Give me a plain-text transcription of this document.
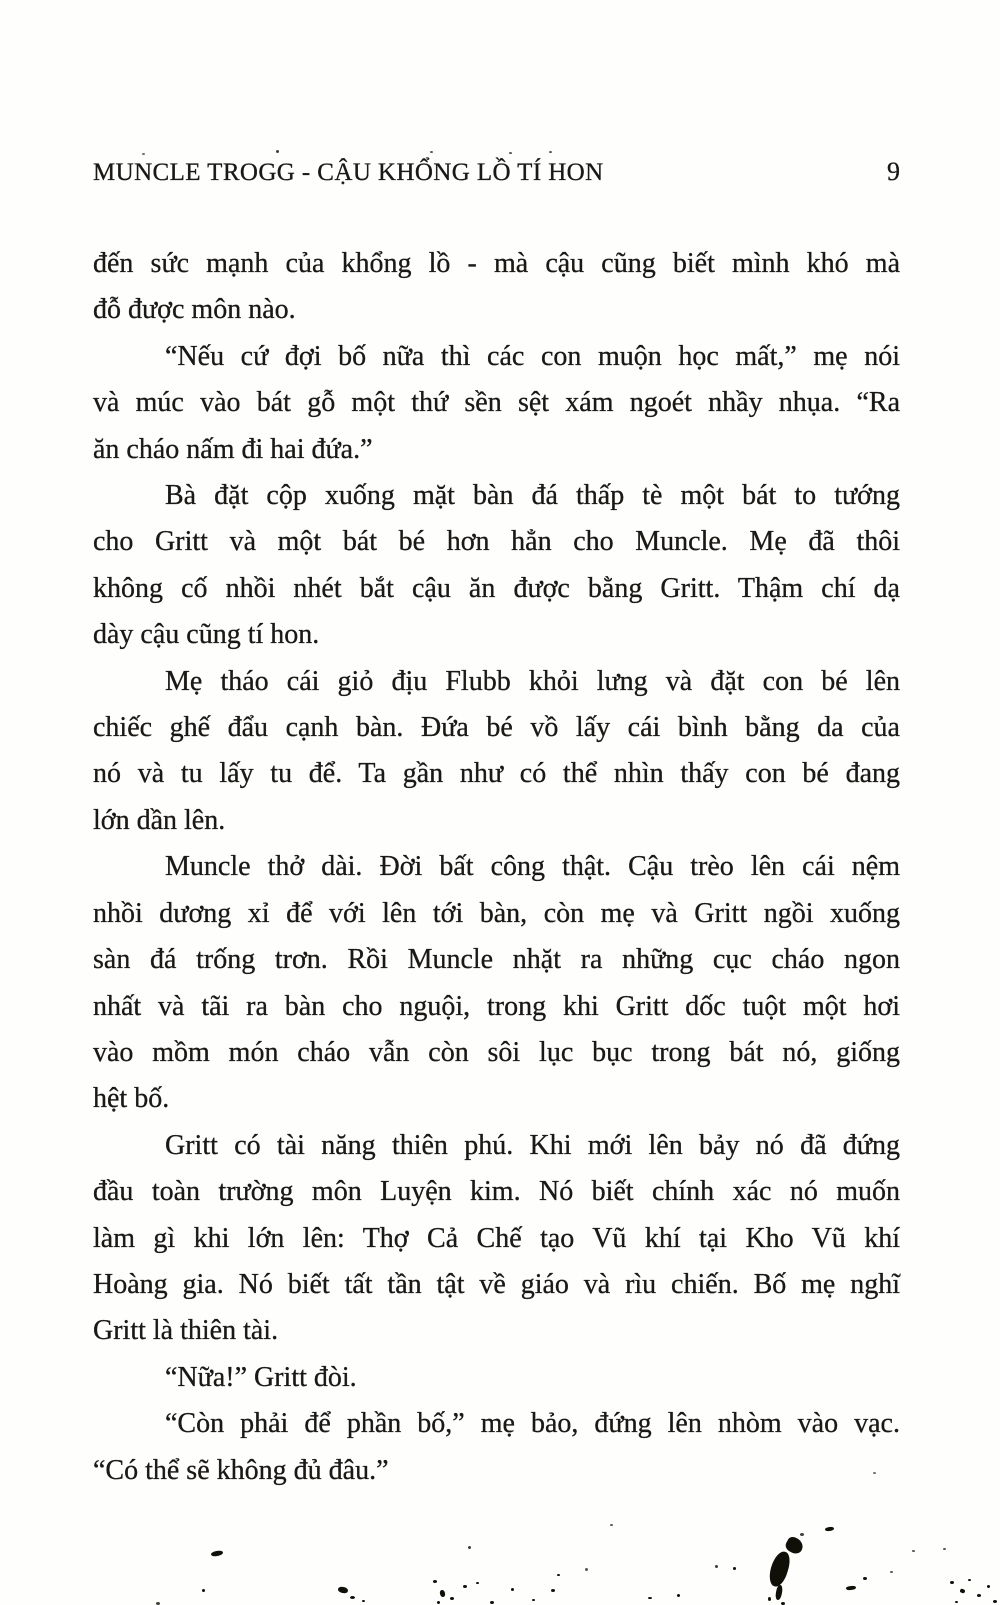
MUNCLE TROGG - CẬU KHỔNG LỒ TÍ HON	9
đến sức mạnh của khổng lồ - mà cậu cũng biết mình khó mà
đỗ được môn nào.
“Nếu cứ đợi bố nữa thì các con muộn học mất,” mẹ nói
và múc vào bát gỗ một thứ sền sệt xám ngoét nhầy nhụa. “Ra
ăn cháo nấm đi hai đứa.”
Bà đặt cộp xuống mặt bàn đá thấp tè một bát to tướng
cho Gritt và một bát bé hơn hẳn cho Muncle. Mẹ đã thôi
không cố nhồi nhét bắt cậu ăn được bằng Gritt. Thậm chí dạ
dày cậu cũng tí hon.
Mẹ tháo cái giỏ địu Flubb khỏi lưng và đặt con bé lên
chiếc ghế đẩu cạnh bàn. Đứa bé vồ lấy cái bình bằng da của
nó và tu lấy tu để. Ta gần như có thể nhìn thấy con bé đang
lớn dần lên.
Muncle thở dài. Đời bất công thật. Cậu trèo lên cái nệm
nhồi dương xỉ để với lên tới bàn, còn mẹ và Gritt ngồi xuống
sàn đá trống trơn. Rồi Muncle nhặt ra những cục cháo ngon
nhất và tãi ra bàn cho nguội, trong khi Gritt dốc tuột một hơi
vào mồm món cháo vẫn còn sôi lục bục trong bát nó, giống
hệt bố.
Gritt có tài năng thiên phú. Khi mới lên bảy nó đã đứng
đầu toàn trường môn Luyện kim. Nó biết chính xác nó muốn
làm gì khi lớn lên: Thợ Cả Chế tạo Vũ khí tại Kho Vũ khí
Hoàng gia. Nó biết tất tần tật về giáo và rìu chiến. Bố mẹ nghĩ
Gritt là thiên tài.
“Nữa!” Gritt đòi.
“Còn phải để phần bố,” mẹ bảo, đứng lên nhòm vào vạc.
“Có thể sẽ không đủ đâu.”
